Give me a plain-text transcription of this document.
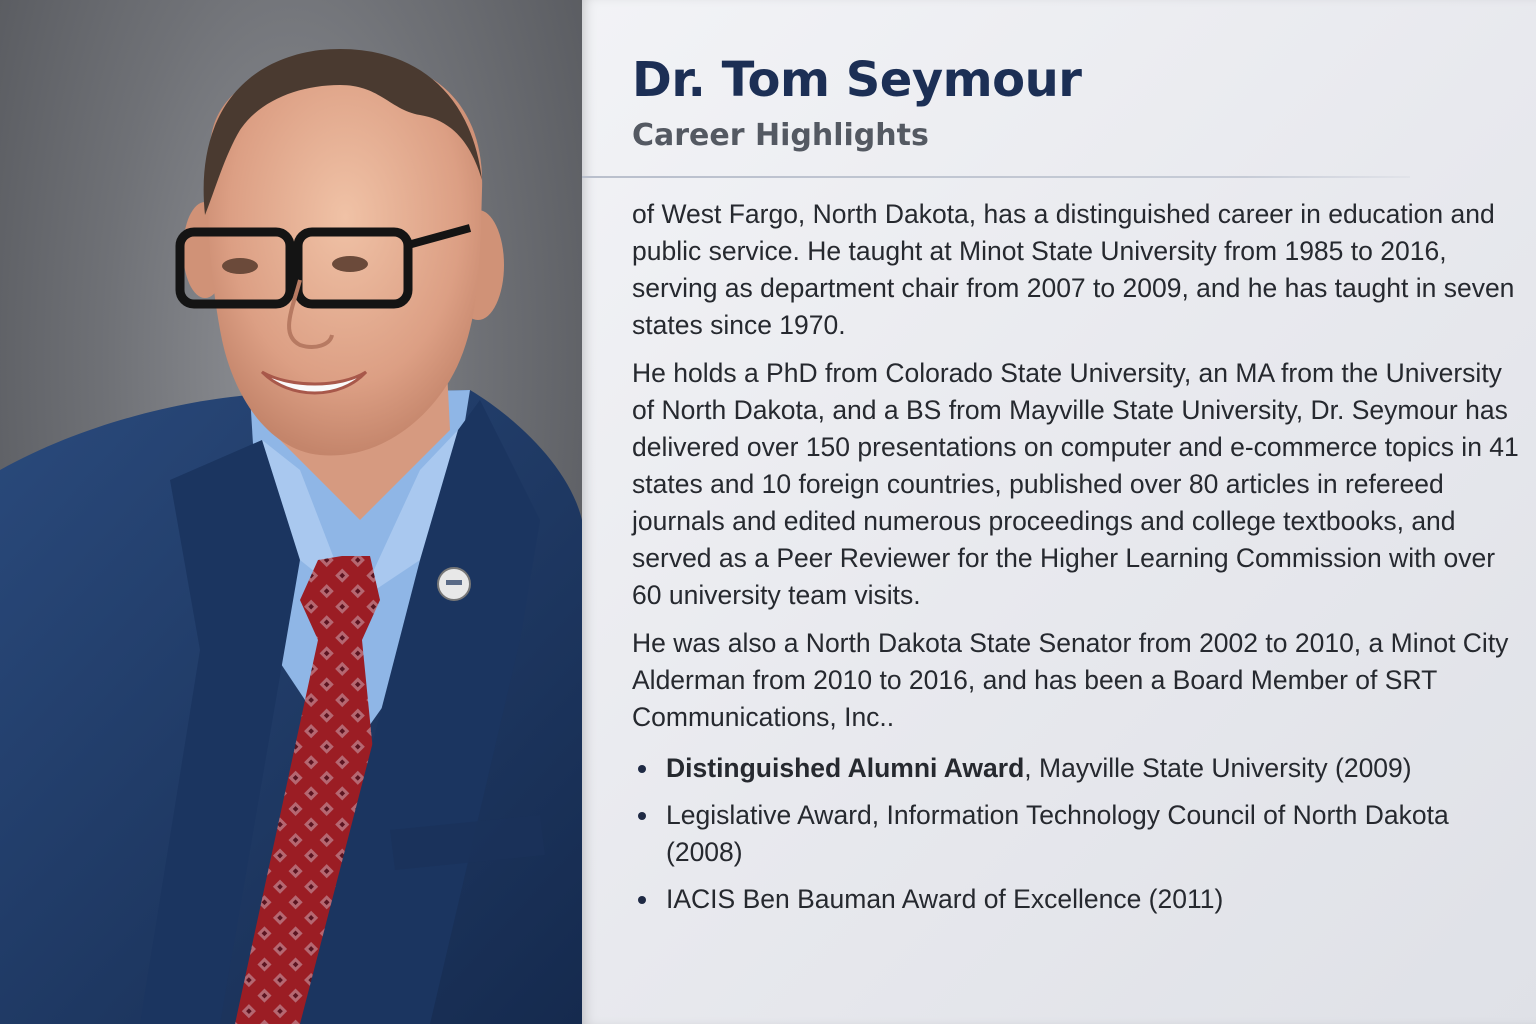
Dr. Tom Seymour
Career Highlights

of West Fargo, North Dakota, has a distinguished career in education and public service. He taught at Minot State University from 1985 to 2016, serving as department chair from 2007 to 2009, and he has taught in seven states since 1970.

He holds a PhD from Colorado State University, an MA from the University of North Dakota, and a BS from Mayville State University, Dr. Seymour has delivered over 150 presentations on computer and e-commerce topics in 41 states and 10 foreign countries, published over 80 articles in refereed journals and edited numerous proceedings and college textbooks, and served as a Peer Reviewer for the Higher Learning Commission with over 60 university team visits.

He was also a North Dakota State Senator from 2002 to 2010, a Minot City Alderman from 2010 to 2016, and has been a Board Member of SRT Communications, Inc..

Distinguished Alumni Award, Mayville State University (2009)
Legislative Award, Information Technology Council of North Dakota (2008)
IACIS Ben Bauman Award of Excellence (2011)
